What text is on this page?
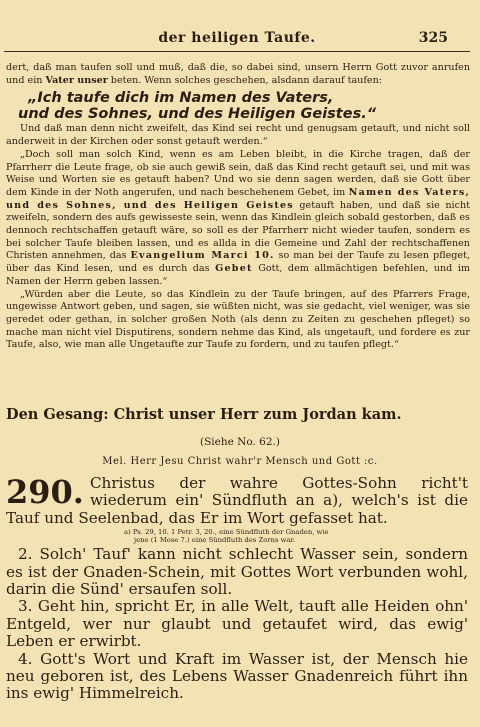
der heiligen Taufe.	325

dert, daß man taufen soll und muß, daß die, so dabei sind, unsern Herrn Gott zuvor anrufen und ein Vater unser beten. Wenn solches geschehen, alsdann darauf taufen:

„Ich taufe dich im Namen des Vaters,
und des Sohnes, und des Heiligen Geistes.“

Und daß man denn nicht zweifelt, das Kind sei recht und genugsam getauft, und nicht soll anderweit in der Kirchen oder sonst getauft werden.“

„Doch soll man solch Kind, wenn es am Leben bleibt, in die Kirche tragen, daß der Pfarrherr die Leute frage, ob sie auch gewiß sein, daß das Kind recht getauft sei, und mit was Weise und Worten sie es getauft haben? Und wo sie denn sagen werden, daß sie Gott über dem Kinde in der Noth angerufen, und nach beschehenem Gebet, im Namen des Vaters, und des Sohnes, und des Heiligen Geistes getauft haben, und daß sie nicht zweifeln, sondern des aufs gewisseste sein, wenn das Kindlein gleich sobald gestorben, daß es dennoch rechtschaffen getauft wäre, so soll es der Pfarrherr nicht wieder taufen, sondern es bei solcher Taufe bleiben lassen, und es allda in die Gemeine und Zahl der rechtschaffenen Christen annehmen, das Evangelium Marci 10. so man bei der Taufe zu lesen pfleget, über das Kind lesen, und es durch das Gebet Gott, dem allmächtigen befehlen, und im Namen der Herrn geben lassen.“

„Würden aber die Leute, so das Kindlein zu der Taufe bringen, auf des Pfarrers Frage, ungewisse Antwort geben, und sagen, sie wüßten nicht, was sie gedacht, viel weniger, was sie geredet oder gethan, in solcher großen Noth (als denn zu Zeiten zu geschehen pfleget) so mache man nicht viel Disputirens, sondern nehme das Kind, als ungetauft, und fordere es zur Taufe, also, wie man alle Ungetaufte zur Taufe zu fordern, und zu taufen pflegt.“

Den Gesang: Christ unser Herr zum Jordan kam.
(Siehe No. 62.)
Mel. Herr Jesu Christ wahr'r Mensch und Gott :c.

290. Christus der wahre Gottes-Sohn richt't wiederum ein' Sündfluth an a), welch's ist die Tauf und Seelenbad, das Er im Wort gefasset hat.

a) Ps. 29, 10. 1 Petr. 3, 20., eine Sündfluth der Gnaden, wie
jene (1 Mose 7.) eine Sündfluth des Zorns war.

2. Solch' Tauf' kann nicht schlecht Wasser sein, sondern es ist der Gnaden-Schein, mit Gottes Wort verbunden wohl, darin die Sünd' ersaufen soll.

3. Geht hin, spricht Er, in alle Welt, tauft alle Heiden ohn' Entgeld, wer nur glaubt und getaufet wird, das ewig' Leben er erwirbt.

4. Gott's Wort und Kraft im Wasser ist, der Mensch hie neu geboren ist, des Lebens Wasser Gnadenreich führt ihn ins ewig' Himmelreich.
